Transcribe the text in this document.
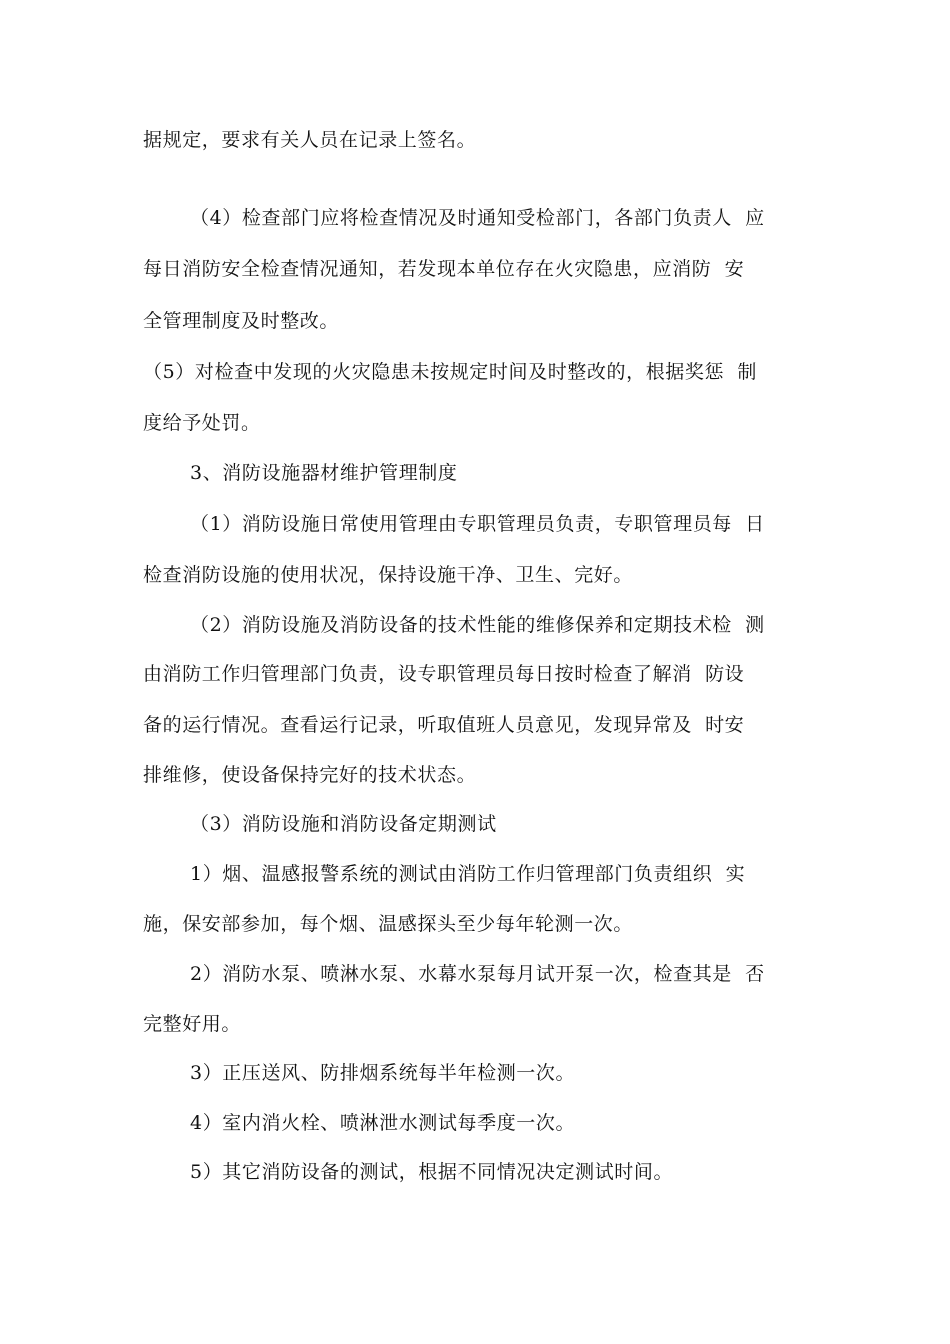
据规定，要求有关人员在记录上签名。
（4）检查部门应将检查情况及时通知受检部门，各部门负责人  应
每日消防安全检查情况通知，若发现本单位存在火灾隐患，应消防  安
全管理制度及时整改。
（5）对检查中发现的火灾隐患未按规定时间及时整改的，根据奖惩  制
度给予处罚。
3、消防设施器材维护管理制度
（1）消防设施日常使用管理由专职管理员负责，专职管理员每  日
检查消防设施的使用状况，保持设施干净、卫生、完好。
（2）消防设施及消防设备的技术性能的维修保养和定期技术检  测
由消防工作归管理部门负责，设专职管理员每日按时检查了解消  防设
备的运行情况。查看运行记录，听取值班人员意见，发现异常及  时安
排维修，使设备保持完好的技术状态。
（3）消防设施和消防设备定期测试
1）烟、温感报警系统的测试由消防工作归管理部门负责组织  实
施，保安部参加，每个烟、温感探头至少每年轮测一次。
2）消防水泵、喷淋水泵、水幕水泵每月试开泵一次，检查其是  否
完整好用。
3）正压送风、防排烟系统每半年检测一次。
4）室内消火栓、喷淋泄水测试每季度一次。
5）其它消防设备的测试，根据不同情况决定测试时间。
